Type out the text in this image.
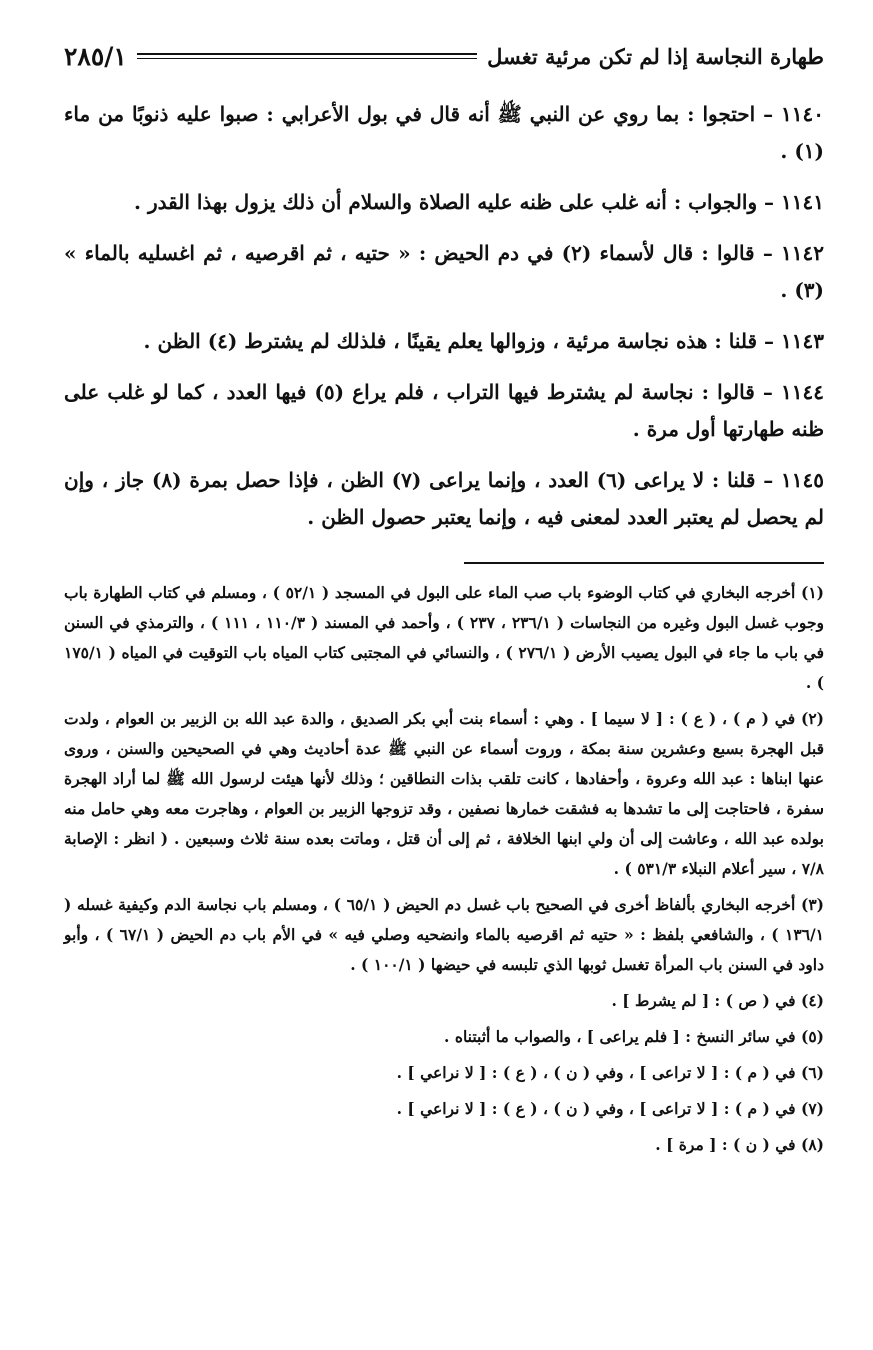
طهارة النجاسة إذا لم تكن مرئية تغسل
٢٨٥/١

١١٤٠ – احتجوا : بما روي عن النبي ﷺ أنه قال في بول الأعرابي : صبوا عليه ذنوبًا من ماء (١) .

١١٤١ – والجواب : أنه غلب على ظنه عليه الصلاة والسلام أن ذلك يزول بهذا القدر .

١١٤٢ – قالوا : قال لأسماء (٢) في دم الحيض : « حتيه ، ثم اقرصيه ، ثم اغسليه بالماء » (٣) .

١١٤٣ – قلنا : هذه نجاسة مرئية ، وزوالها يعلم يقينًا ، فلذلك لم يشترط (٤) الظن .

١١٤٤ – قالوا : نجاسة لم يشترط فيها التراب ، فلم يراع (٥) فيها العدد ، كما لو غلب على ظنه طهارتها أول مرة .

١١٤٥ – قلنا : لا يراعى (٦) العدد ، وإنما يراعى (٧) الظن ، فإذا حصل بمرة (٨) جاز ، وإن لم يحصل لم يعتبر العدد لمعنى فيه ، وإنما يعتبر حصول الظن .

(١) أخرجه البخاري في كتاب الوضوء باب صب الماء على البول في المسجد ( ٥٢/١ ) ، ومسلم في كتاب الطهارة باب وجوب غسل البول وغيره من النجاسات ( ٢٣٦/١ ، ٢٣٧ ) ، وأحمد في المسند ( ١١٠/٣ ، ١١١ ) ، والترمذي في السنن في باب ما جاء في البول يصيب الأرض ( ٢٧٦/١ ) ، والنسائي في المجتبى كتاب المياه باب التوقيت في المياه ( ١٧٥/١ ) .

(٢) في ( م ) ، ( ع ) : [ لا سيما ] . وهي : أسماء بنت أبي بكر الصديق ، والدة عبد الله بن الزبير بن العوام ، ولدت قبل الهجرة بسبع وعشرين سنة بمكة ، وروت أسماء عن النبي ﷺ عدة أحاديث وهي في الصحيحين والسنن ، وروى عنها ابناها : عبد الله وعروة ، وأحفادها ، كانت تلقب بذات النطاقين ؛ وذلك لأنها هيئت لرسول الله ﷺ لما أراد الهجرة سفرة ، فاحتاجت إلى ما تشدها به فشقت خمارها نصفين ، وقد تزوجها الزبير بن العوام ، وهاجرت معه وهي حامل منه بولده عبد الله ، وعاشت إلى أن ولي ابنها الخلافة ، ثم إلى أن قتل ، وماتت بعده سنة ثلاث وسبعين . ( انظر : الإصابة ٧/٨ ، سير أعلام النبلاء ٥٣١/٣ ) .

(٣) أخرجه البخاري بألفاظ أخرى في الصحيح باب غسل دم الحيض ( ٦٥/١ ) ، ومسلم باب نجاسة الدم وكيفية غسله ( ١٣٦/١ ) ، والشافعي بلفظ : « حتيه ثم اقرصيه بالماء وانضحيه وصلي فيه » في الأم باب دم الحيض ( ٦٧/١ ) ، وأبو داود في السنن باب المرأة تغسل ثوبها الذي تلبسه في حيضها ( ١٠٠/١ ) .

(٤) في ( ص ) : [ لم يشرط ] .

(٥) في سائر النسخ : [ فلم يراعى ] ، والصواب ما أثبتناه .

(٦) في ( م ) : [ لا تراعى ] ، وفي ( ن ) ، ( ع ) : [ لا نراعي ] .

(٧) في ( م ) : [ لا تراعى ] ، وفي ( ن ) ، ( ع ) : [ لا نراعي ] .

(٨) في ( ن ) : [ مرة ] .
